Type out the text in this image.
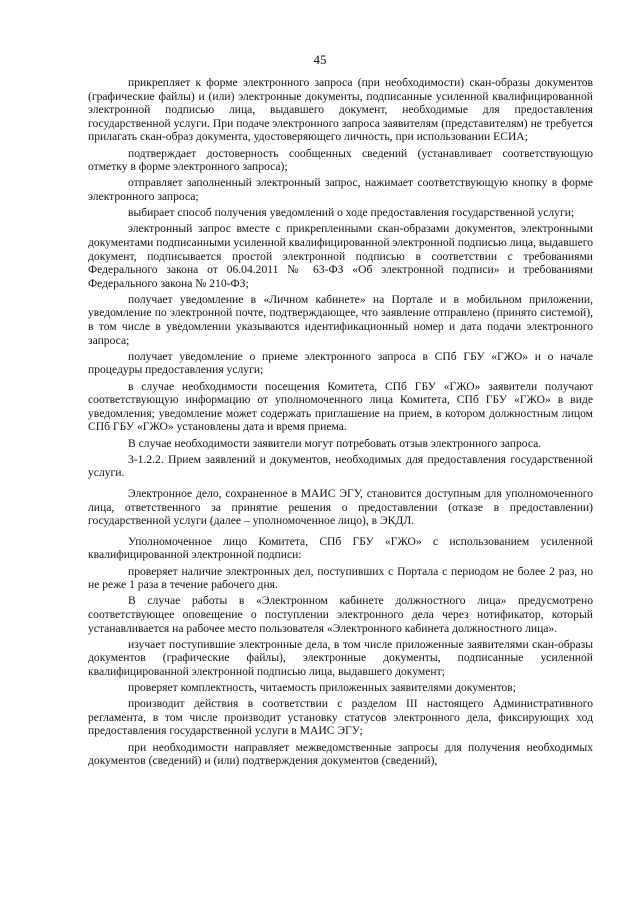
45

прикрепляет к форме электронного запроса (при необходимости) скан-образы документов (графические файлы) и (или) электронные документы, подписанные усиленной квалифицированной электронной подписью лица, выдавшего документ, необходимые для предоставления государственной услуги. При подаче электронного запроса заявителям (представителям) не требуется прилагать скан-образ документа, удостоверяющего личность, при использовании ЕСИА;

подтверждает достоверность сообщенных сведений (устанавливает соответствующую отметку в форме электронного запроса);

отправляет заполненный электронный запрос, нажимает соответствующую кнопку в форме электронного запроса;

выбирает способ получения уведомлений о ходе предоставления государственной услуги;

электронный запрос вместе с прикрепленными скан-образами документов, электронными документами подписанными усиленной квалифицированной электронной подписью лица, выдавшего документ, подписывается простой электронной подписью в соответствии с требованиями Федерального закона от 06.04.2011 № 63-ФЗ «Об электронной подписи» и требованиями Федерального закона № 210-ФЗ;

получает уведомление в «Личном кабинете» на Портале и в мобильном приложении, уведомление по электронной почте, подтверждающее, что заявление отправлено (принято системой), в том числе в уведомлении указываются идентификационный номер и дата подачи электронного запроса;

получает уведомление о приеме электронного запроса в СПб ГБУ «ГЖО» и о начале процедуры предоставления услуги;

в случае необходимости посещения Комитета, СПб ГБУ «ГЖО» заявители получают соответствующую информацию от уполномоченного лица Комитета, СПб ГБУ «ГЖО» в виде уведомления; уведомление может содержать приглашение на прием, в котором должностным лицом СПб ГБУ «ГЖО» установлены дата и время приема.

В случае необходимости заявители могут потребовать отзыв электронного запроса.

3-1.2.2. Прием заявлений и документов, необходимых для предоставления государственной услуги.

Электронное дело, сохраненное в МАИС ЭГУ, становится доступным для уполномоченного лица, ответственного за принятие решения о предоставлении (отказе в предоставлении) государственной услуги (далее – уполномоченное лицо), в ЭКДЛ.

Уполномоченное лицо Комитета, СПб ГБУ «ГЖО» с использованием усиленной квалифицированной электронной подписи:

проверяет наличие электронных дел, поступивших с Портала с периодом не более 2 раз, но не реже 1 раза в течение рабочего дня.

В случае работы в «Электронном кабинете должностного лица» предусмотрено соответствующее оповещение о поступлении электронного дела через нотификатор, который устанавливается на рабочее место пользователя «Электронного кабинета должностного лица».

изучает поступившие электронные дела, в том числе приложенные заявителями скан-образы документов (графические файлы), электронные документы, подписанные усиленной квалифицированной электронной подписью лица, выдавшего документ;

проверяет комплектность, читаемость приложенных заявителями документов;

производит действия в соответствии с разделом III настоящего Административного регламента, в том числе производит установку статусов электронного дела, фиксирующих ход предоставления государственной услуги в МАИС ЭГУ;

при необходимости направляет межведомственные запросы для получения необходимых документов (сведений) и (или) подтверждения документов (сведений),
